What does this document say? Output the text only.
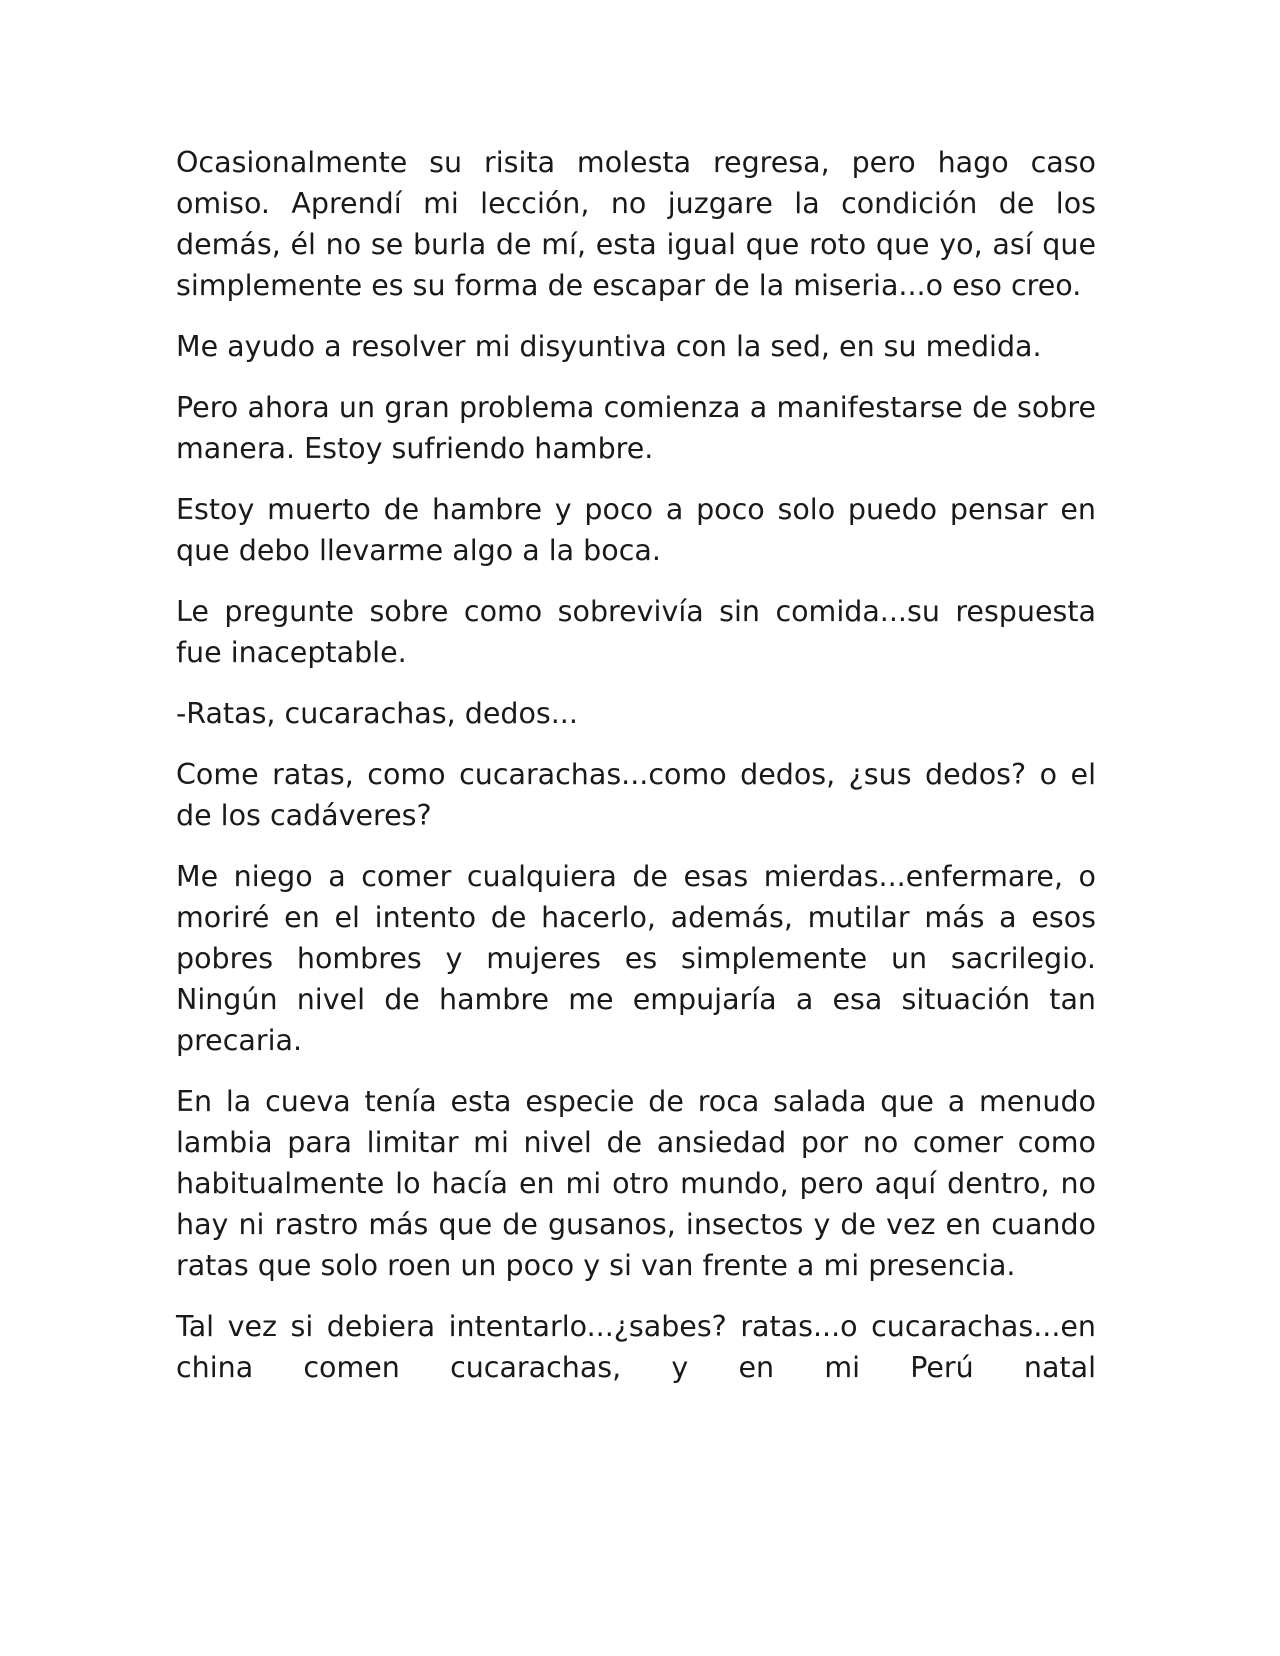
Ocasionalmente su risita molesta regresa, pero hago caso omiso. Aprendí mi lección, no juzgare la condición de los demás, él no se burla de mí, esta igual que roto que yo, así que simplemente es su forma de escapar de la miseria...o eso creo.

Me ayudo a resolver mi disyuntiva con la sed, en su medida.

Pero ahora un gran problema comienza a manifestarse de sobre manera. Estoy sufriendo hambre.

Estoy muerto de hambre y poco a poco solo puedo pensar en que debo llevarme algo a la boca.

Le pregunte sobre como sobrevivía sin comida...su respuesta fue inaceptable.

-Ratas, cucarachas, dedos...

Come ratas, como cucarachas...como dedos, ¿sus dedos? o el de los cadáveres?

Me niego a comer cualquiera de esas mierdas...enfermare, o moriré en el intento de hacerlo, además, mutilar más a esos pobres hombres y mujeres es simplemente un sacrilegio. Ningún nivel de hambre me empujaría a esa situación tan precaria.

En la cueva tenía esta especie de roca salada que a menudo lambia para limitar mi nivel de ansiedad por no comer como habitualmente lo hacía en mi otro mundo, pero aquí dentro, no hay ni rastro más que de gusanos, insectos y de vez en cuando ratas que solo roen un poco y si van frente a mi presencia.

Tal vez si debiera intentarlo...¿sabes? ratas...o cucarachas...en china comen cucarachas, y en mi Perú natal
